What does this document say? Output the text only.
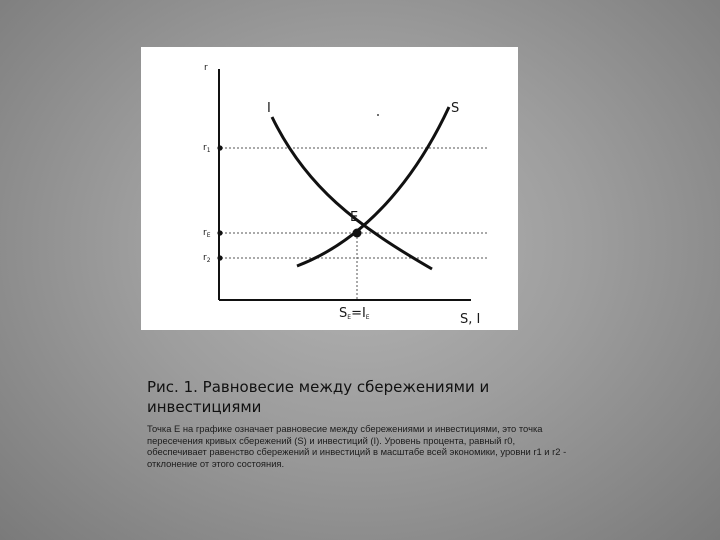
r
S, I
I	S
E
$r_1$
$r_E$
$r_2$
SE=IE
Рис. 1. Равновесие между сбережениями и инвестициями

Точка Е на графике означает равновесие между сбережениями и инвестициями, это точка пересечения кривых сбережений (S) и инвестиций (I). Уровень процента, равный r0, обеспечивает равенство сбережений и инвестиций в масштабе всей экономики, уровни r1 и r2 - отклонение от этого состояния.
